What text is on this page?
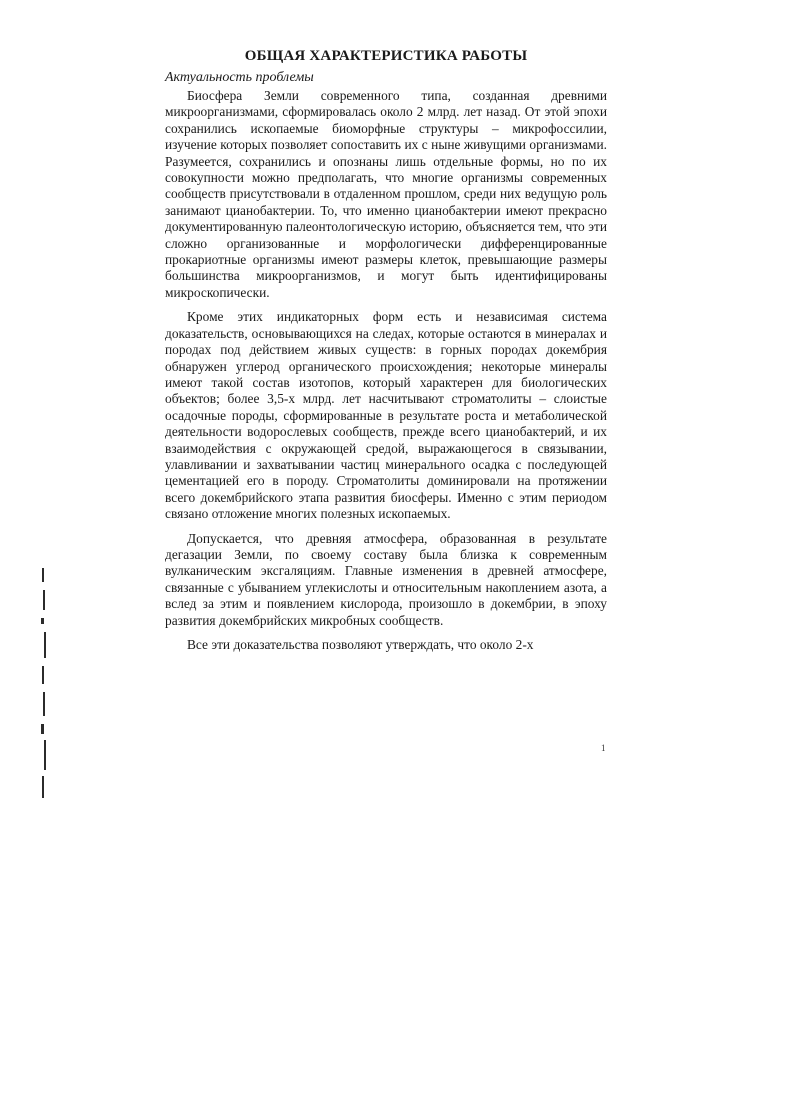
ОБЩАЯ ХАРАКТЕРИСТИКА РАБОТЫ
Актуальность проблемы

Биосфера Земли современного типа, созданная древними микроорганизмами, сформировалась около 2 млрд. лет назад. От этой эпохи сохранились ископаемые биоморфные структуры – микрофоссилии, изучение которых позволяет сопоставить их с ныне живущими организмами. Разумеется, сохранились и опознаны лишь отдельные формы, но по их совокупности можно предполагать, что многие организмы современных сообществ присутствовали в отдаленном прошлом, среди них ведущую роль занимают цианобактерии. То, что именно цианобактерии имеют прекрасно документированную палеонтологическую историю, объясняется тем, что эти сложно организованные и морфологически дифференцированные прокариотные организмы имеют размеры клеток, превышающие размеры большинства микроорганизмов, и могут быть идентифицированы микроскопически.

Кроме этих индикаторных форм есть и независимая система доказательств, основывающихся на следах, которые остаются в минералах и породах под действием живых существ: в горных породах докембрия обнаружен углерод органического происхождения; некоторые минералы имеют такой состав изотопов, который характерен для биологических объектов; более 3,5-х млрд. лет насчитывают строматолиты – слоистые осадочные породы, сформированные в результате роста и метаболической деятельности водорослевых сообществ, прежде всего цианобактерий, и их взаимодействия с окружающей средой, выражающегося в связывании, улавливании и захватывании частиц минерального осадка с последующей цементацией его в породу. Строматолиты доминировали на протяжении всего докембрийского этапа развития биосферы. Именно с этим периодом связано отложение многих полезных ископаемых.

Допускается, что древняя атмосфера, образованная в результате дегазации Земли, по своему составу была близка к современным вулканическим эксгаляциям. Главные изменения в древней атмосфере, связанные с убыванием углекислоты и относительным накоплением азота, а вслед за этим и появлением кислорода, произошло в докембрии, в эпоху развития докембрийских микробных сообществ.

Все эти доказательства позволяют утверждать, что около 2-х

1
